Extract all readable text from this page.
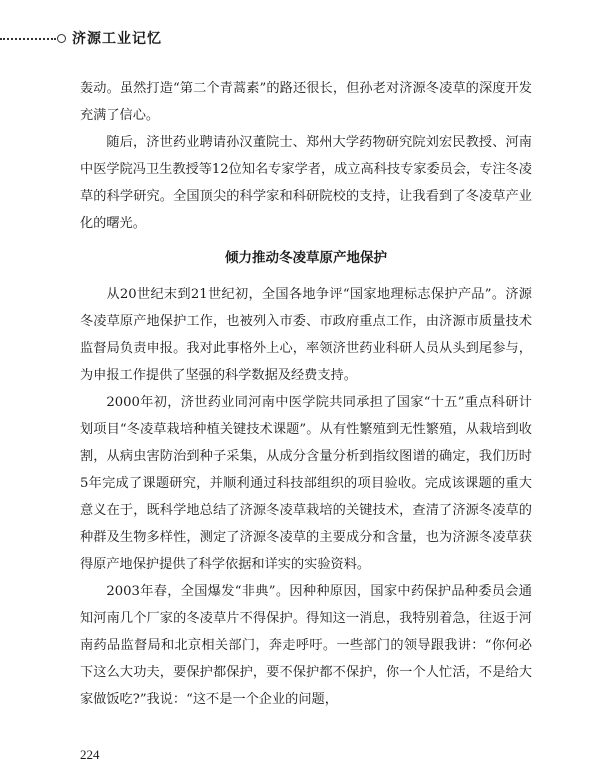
济源工业记忆

轰动。虽然打造“第二个青蒿素”的路还很长，但孙老对济源冬凌草的深度开发充满了信心。

随后，济世药业聘请孙汉董院士、郑州大学药物研究院刘宏民教授、河南中医学院冯卫生教授等12位知名专家学者，成立高科技专家委员会，专注冬凌草的科学研究。全国顶尖的科学家和科研院校的支持，让我看到了冬凌草产业化的曙光。

倾力推动冬凌草原产地保护

从20世纪末到21世纪初，全国各地争评“国家地理标志保护产品”。济源冬凌草原产地保护工作，也被列入市委、市政府重点工作，由济源市质量技术监督局负责申报。我对此事格外上心，率领济世药业科研人员从头到尾参与，为申报工作提供了坚强的科学数据及经费支持。

2000年初，济世药业同河南中医学院共同承担了国家“十五”重点科研计划项目“冬凌草栽培种植关键技术课题”。从有性繁殖到无性繁殖，从栽培到收割，从病虫害防治到种子采集，从成分含量分析到指纹图谱的确定，我们历时5年完成了课题研究，并顺利通过科技部组织的项目验收。完成该课题的重大意义在于，既科学地总结了济源冬凌草栽培的关键技术，查清了济源冬凌草的种群及生物多样性，测定了济源冬凌草的主要成分和含量，也为济源冬凌草获得原产地保护提供了科学依据和详实的实验资料。

2003年春，全国爆发“非典”。因种种原因，国家中药保护品种委员会通知河南几个厂家的冬凌草片不得保护。得知这一消息，我特别着急，往返于河南药品监督局和北京相关部门，奔走呼吁。一些部门的领导跟我讲：“你何必下这么大功夫，要保护都保护，要不保护都不保护，你一个人忙活，不是给大家做饭吃?”我说：“这不是一个企业的问题，

224
